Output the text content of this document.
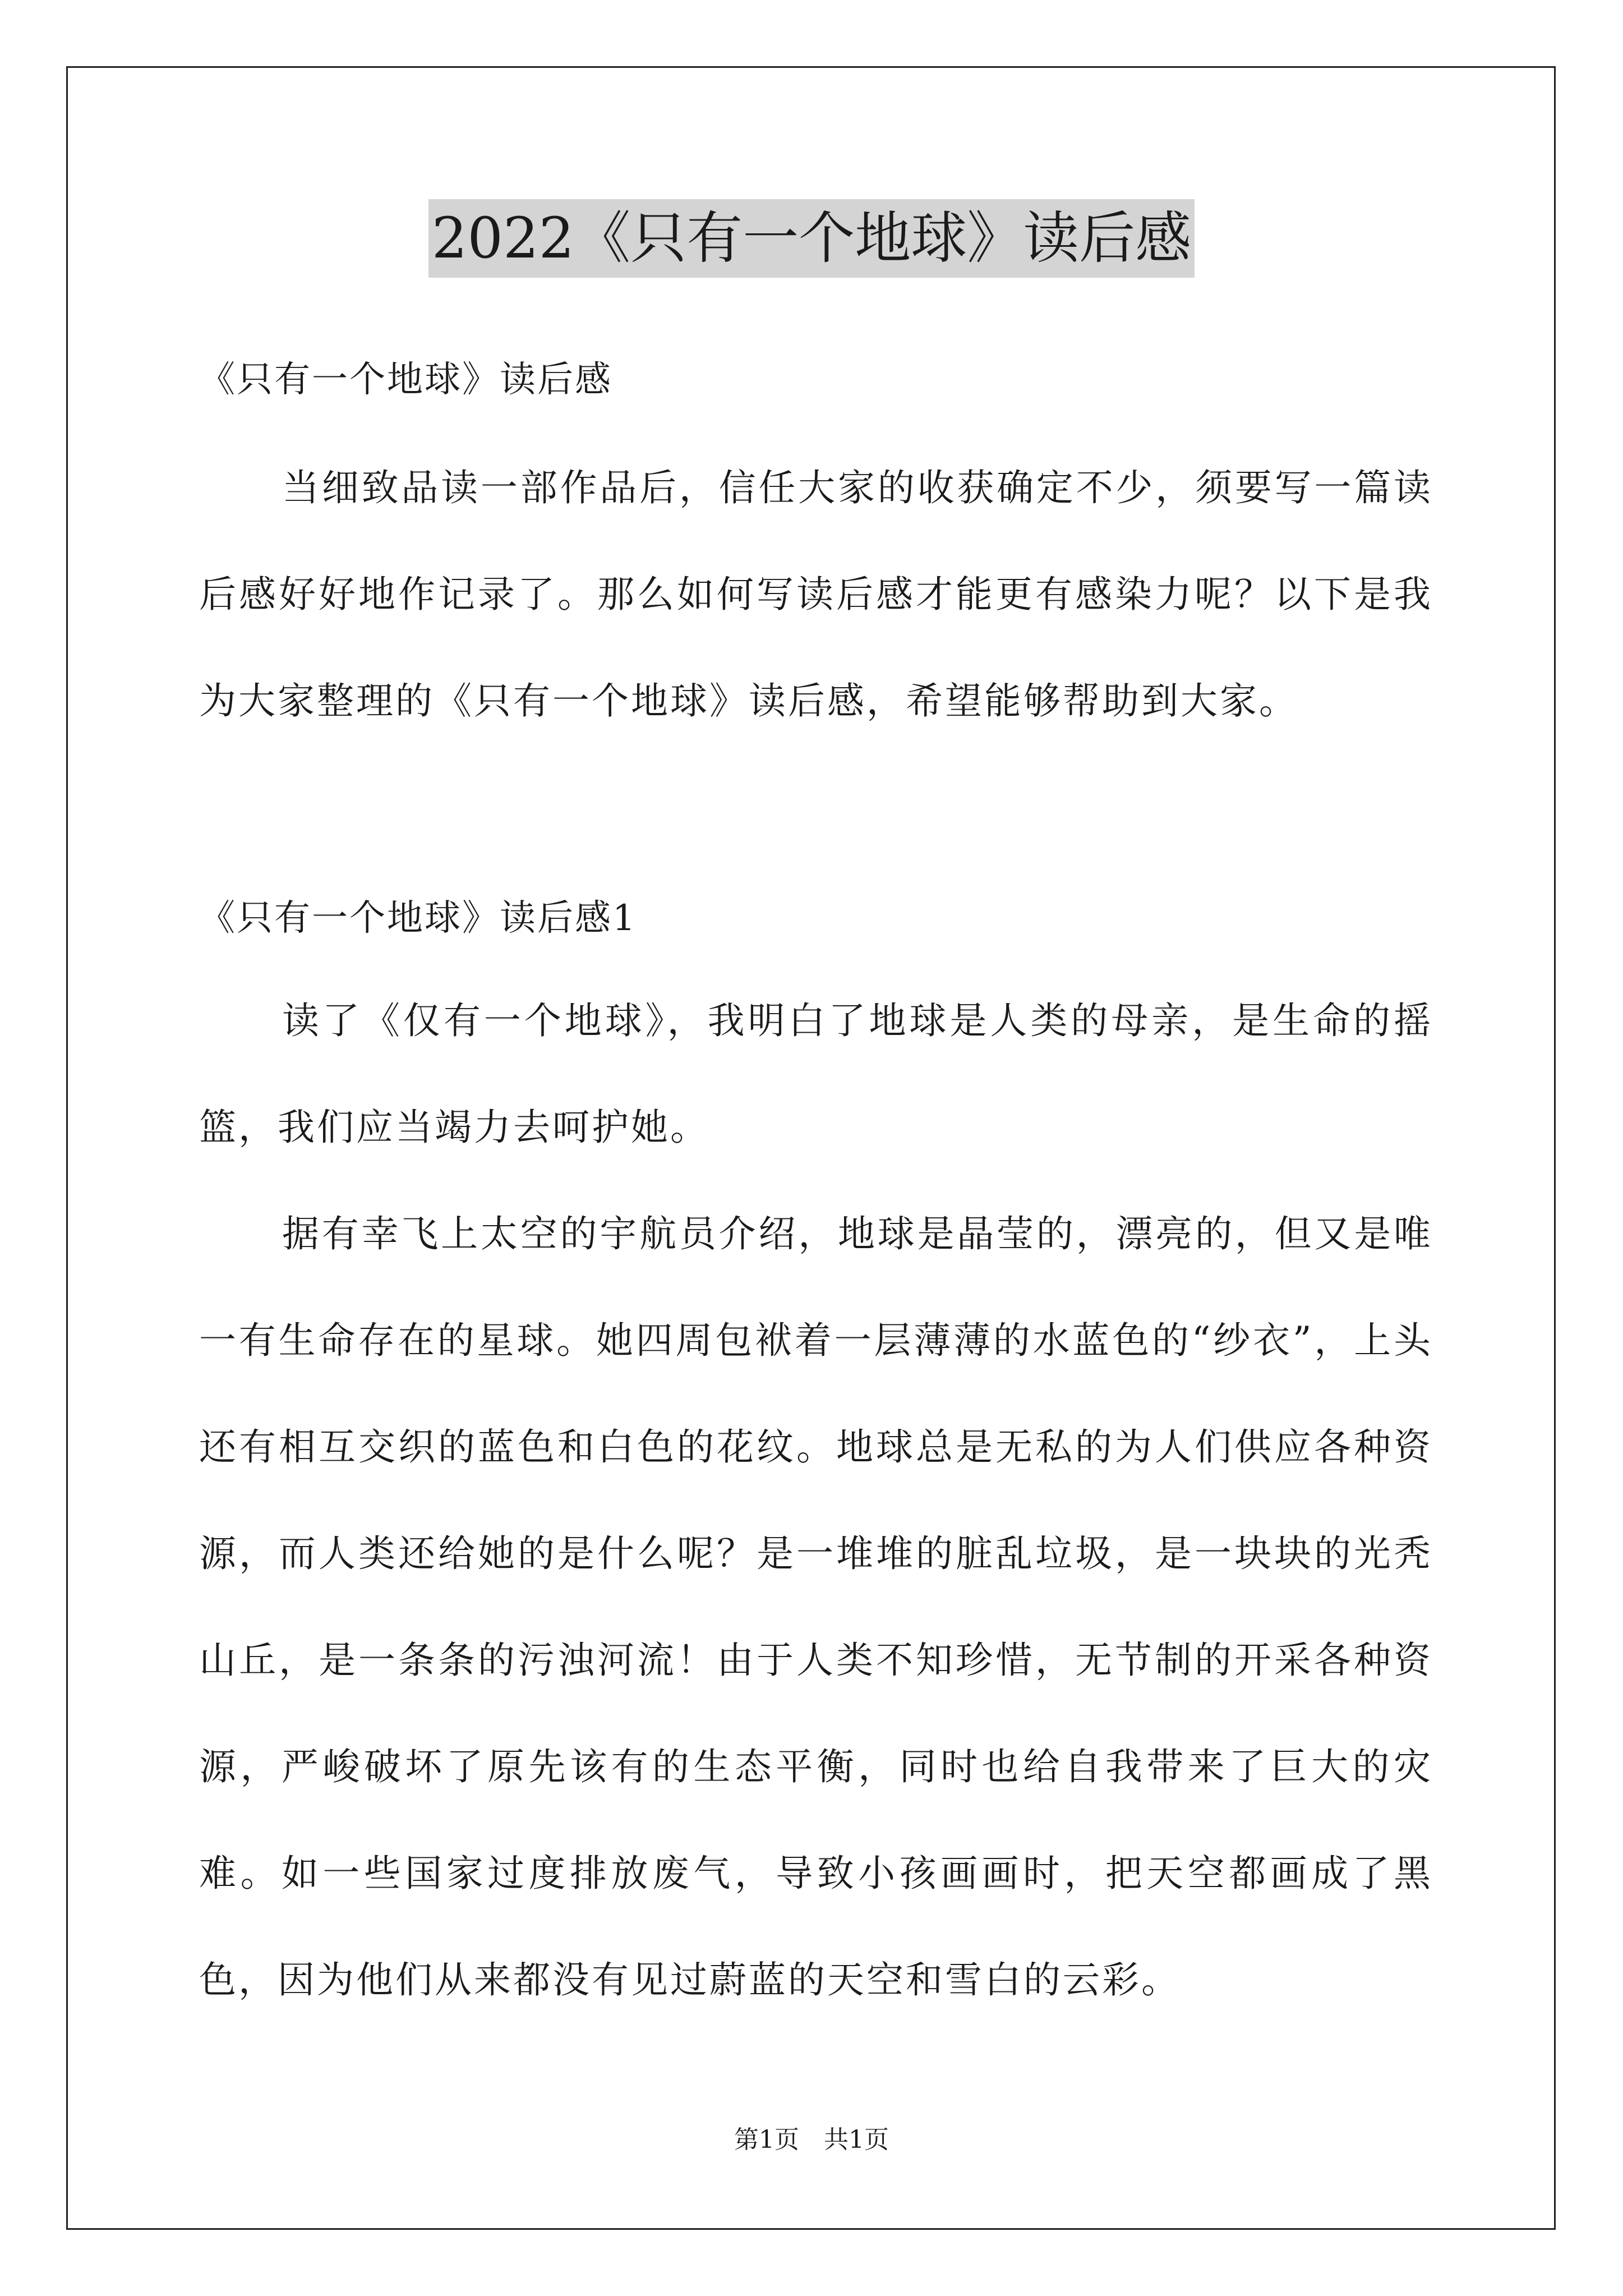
2022《只有一个地球》读后感

《只有一个地球》读后感

当细致品读一部作品后，信任大家的收获确定不少，须要写一篇读后感好好地作记录了。那么如何写读后感才能更有感染力呢？以下是我为大家整理的《只有一个地球》读后感，希望能够帮助到大家。

《只有一个地球》读后感1

读了《仅有一个地球》，我明白了地球是人类的母亲，是生命的摇篮，我们应当竭力去呵护她。

据有幸飞上太空的宇航员介绍，地球是晶莹的，漂亮的，但又是唯一有生命存在的星球。她四周包袱着一层薄薄的水蓝色的“纱衣”，上头还有相互交织的蓝色和白色的花纹。地球总是无私的为人们供应各种资源，而人类还给她的是什么呢？是一堆堆的脏乱垃圾，是一块块的光秃山丘，是一条条的污浊河流！由于人类不知珍惜，无节制的开采各种资源，严峻破坏了原先该有的生态平衡，同时也给自我带来了巨大的灾难。如一些国家过度排放废气，导致小孩画画时，把天空都画成了黑色，因为他们从来都没有见过蔚蓝的天空和雪白的云彩。

第1页　共1页
